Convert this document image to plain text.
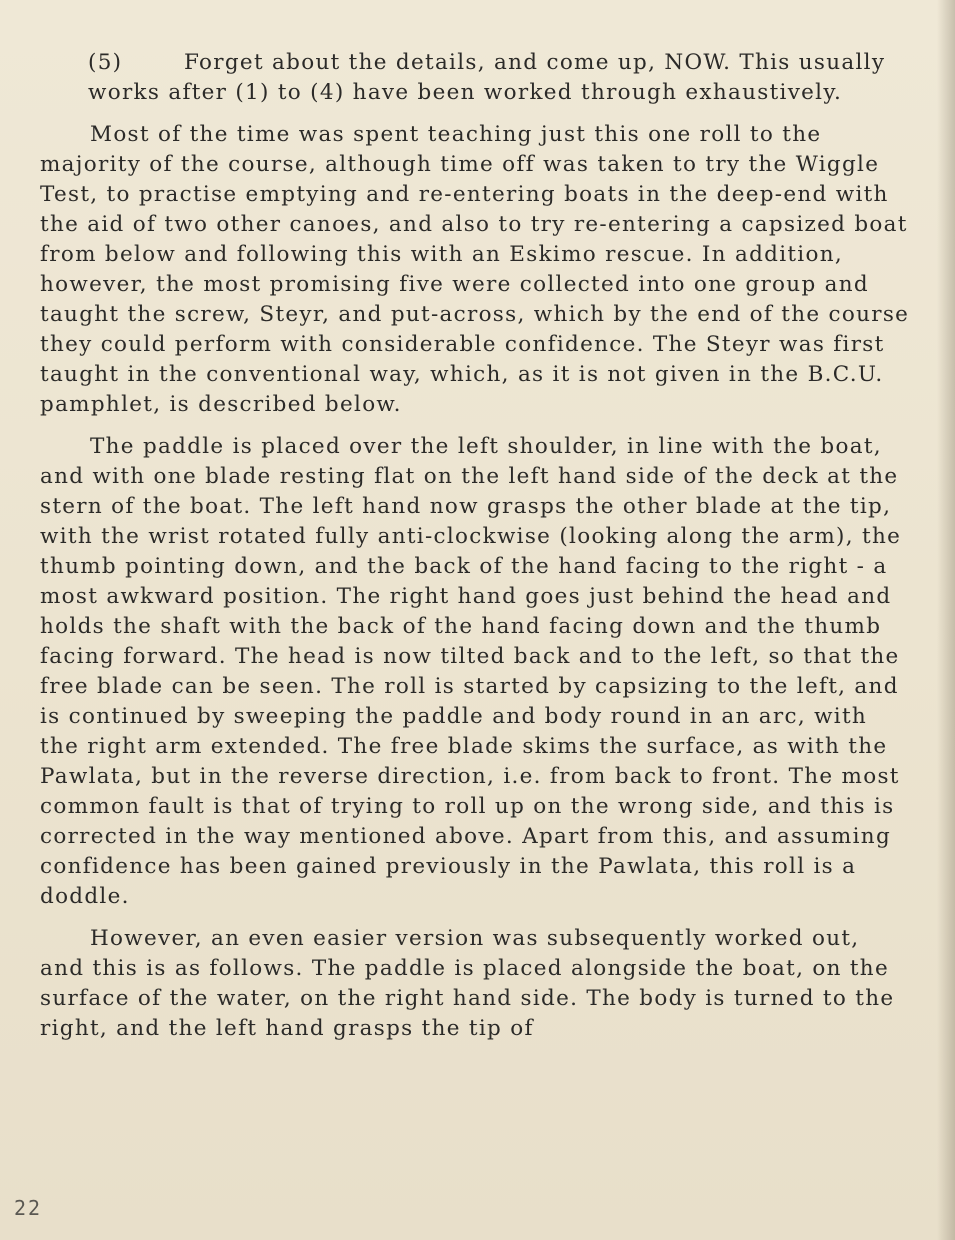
(5)	Forget about the details, and come up, NOW. This usually works after (1) to (4) have been worked through exhaustively.

Most of the time was spent teaching just this one roll to the majority of the course, although time off was taken to try the Wiggle Test, to practise emptying and re-entering boats in the deep-end with the aid of two other canoes, and also to try re-entering a capsized boat from below and following this with an Eskimo rescue. In addition, however, the most promising five were collected into one group and taught the screw, Steyr, and put-across, which by the end of the course they could perform with considerable confidence. The Steyr was first taught in the conventional way, which, as it is not given in the B.C.U. pamphlet, is described below.

The paddle is placed over the left shoulder, in line with the boat, and with one blade resting flat on the left hand side of the deck at the stern of the boat. The left hand now grasps the other blade at the tip, with the wrist rotated fully anti-clockwise (looking along the arm), the thumb pointing down, and the back of the hand facing to the right - a most awkward position. The right hand goes just behind the head and holds the shaft with the back of the hand facing down and the thumb facing forward. The head is now tilted back and to the left, so that the free blade can be seen. The roll is started by capsizing to the left, and is continued by sweeping the paddle and body round in an arc, with the right arm extended. The free blade skims the surface, as with the Pawlata, but in the reverse direction, i.e. from back to front. The most common fault is that of trying to roll up on the wrong side, and this is corrected in the way mentioned above. Apart from this, and assuming confidence has been gained previously in the Pawlata, this roll is a doddle.

However, an even easier version was subsequently worked out, and this is as follows. The paddle is placed alongside the boat, on the surface of the water, on the right hand side. The body is turned to the right, and the left hand grasps the tip of

22
